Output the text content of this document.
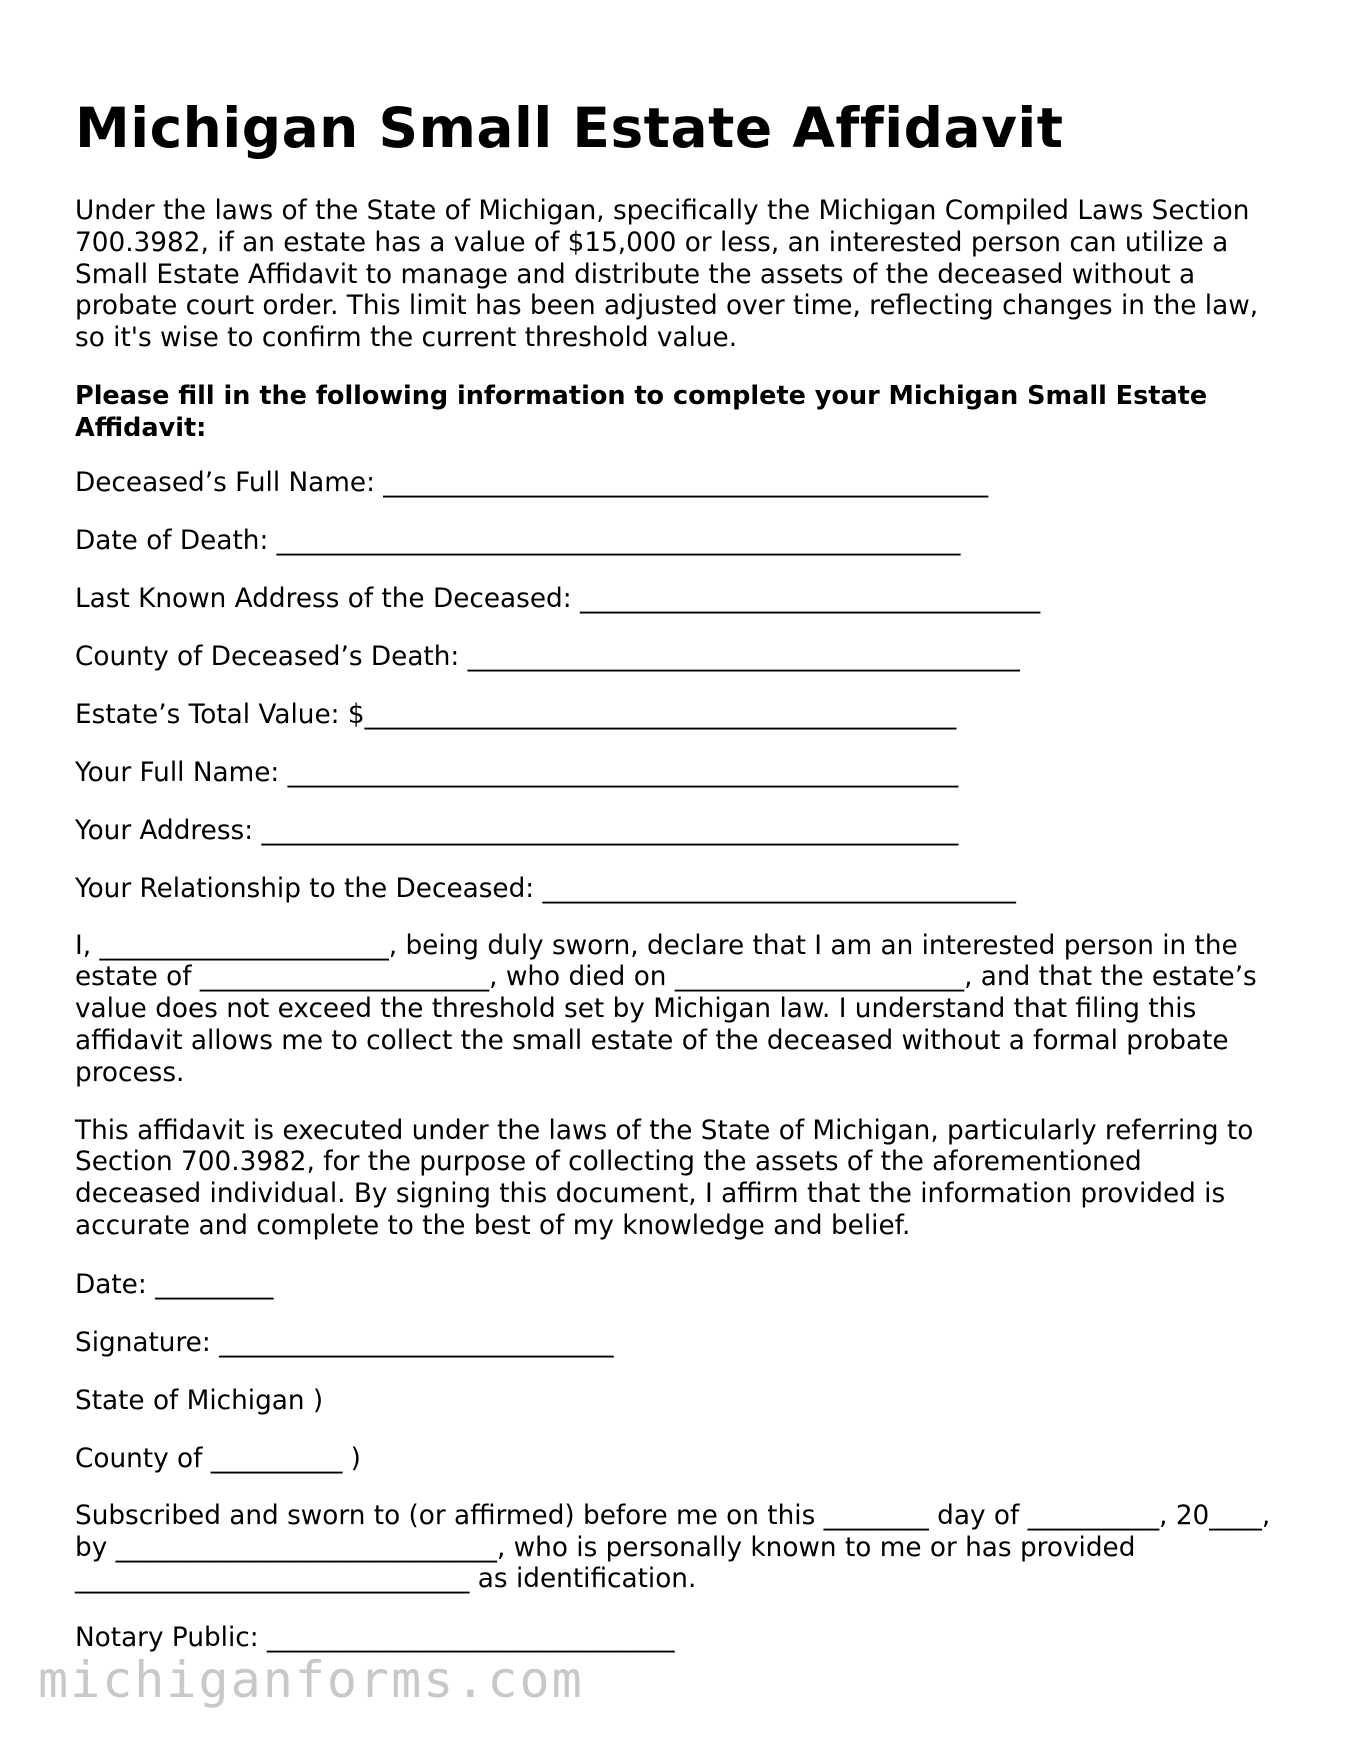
Michigan Small Estate Affidavit

Under the laws of the State of Michigan, specifically the Michigan Compiled Laws Section 700.3982, if an estate has a value of $15,000 or less, an interested person can utilize a Small Estate Affidavit to manage and distribute the assets of the deceased without a probate court order. This limit has been adjusted over time, reflecting changes in the law, so it's wise to confirm the current threshold value.

Please fill in the following information to complete your Michigan Small Estate Affidavit:

Deceased’s Full Name: ______________________________________________
Date of Death: ____________________________________________________
Last Known Address of the Deceased: ___________________________________
County of Deceased’s Death: __________________________________________
Estate’s Total Value: $_____________________________________________
Your Full Name: ___________________________________________________
Your Address: _____________________________________________________
Your Relationship to the Deceased: ____________________________________

I, ______________________, being duly sworn, declare that I am an interested person in the estate of ______________________, who died on ______________________, and that the estate’s value does not exceed the threshold set by Michigan law. I understand that filing this affidavit allows me to collect the small estate of the deceased without a formal probate process.

This affidavit is executed under the laws of the State of Michigan, particularly referring to Section 700.3982, for the purpose of collecting the assets of the aforementioned deceased individual. By signing this document, I affirm that the information provided is accurate and complete to the best of my knowledge and belief.

Date: _________
Signature: ______________________________
State of Michigan )
County of __________ )

Subscribed and sworn to (or affirmed) before me on this ________ day of __________, 20____, by _____________________________, who is personally known to me or has provided ______________________________ as identification.

Notary Public: _______________________________
michiganforms.com
